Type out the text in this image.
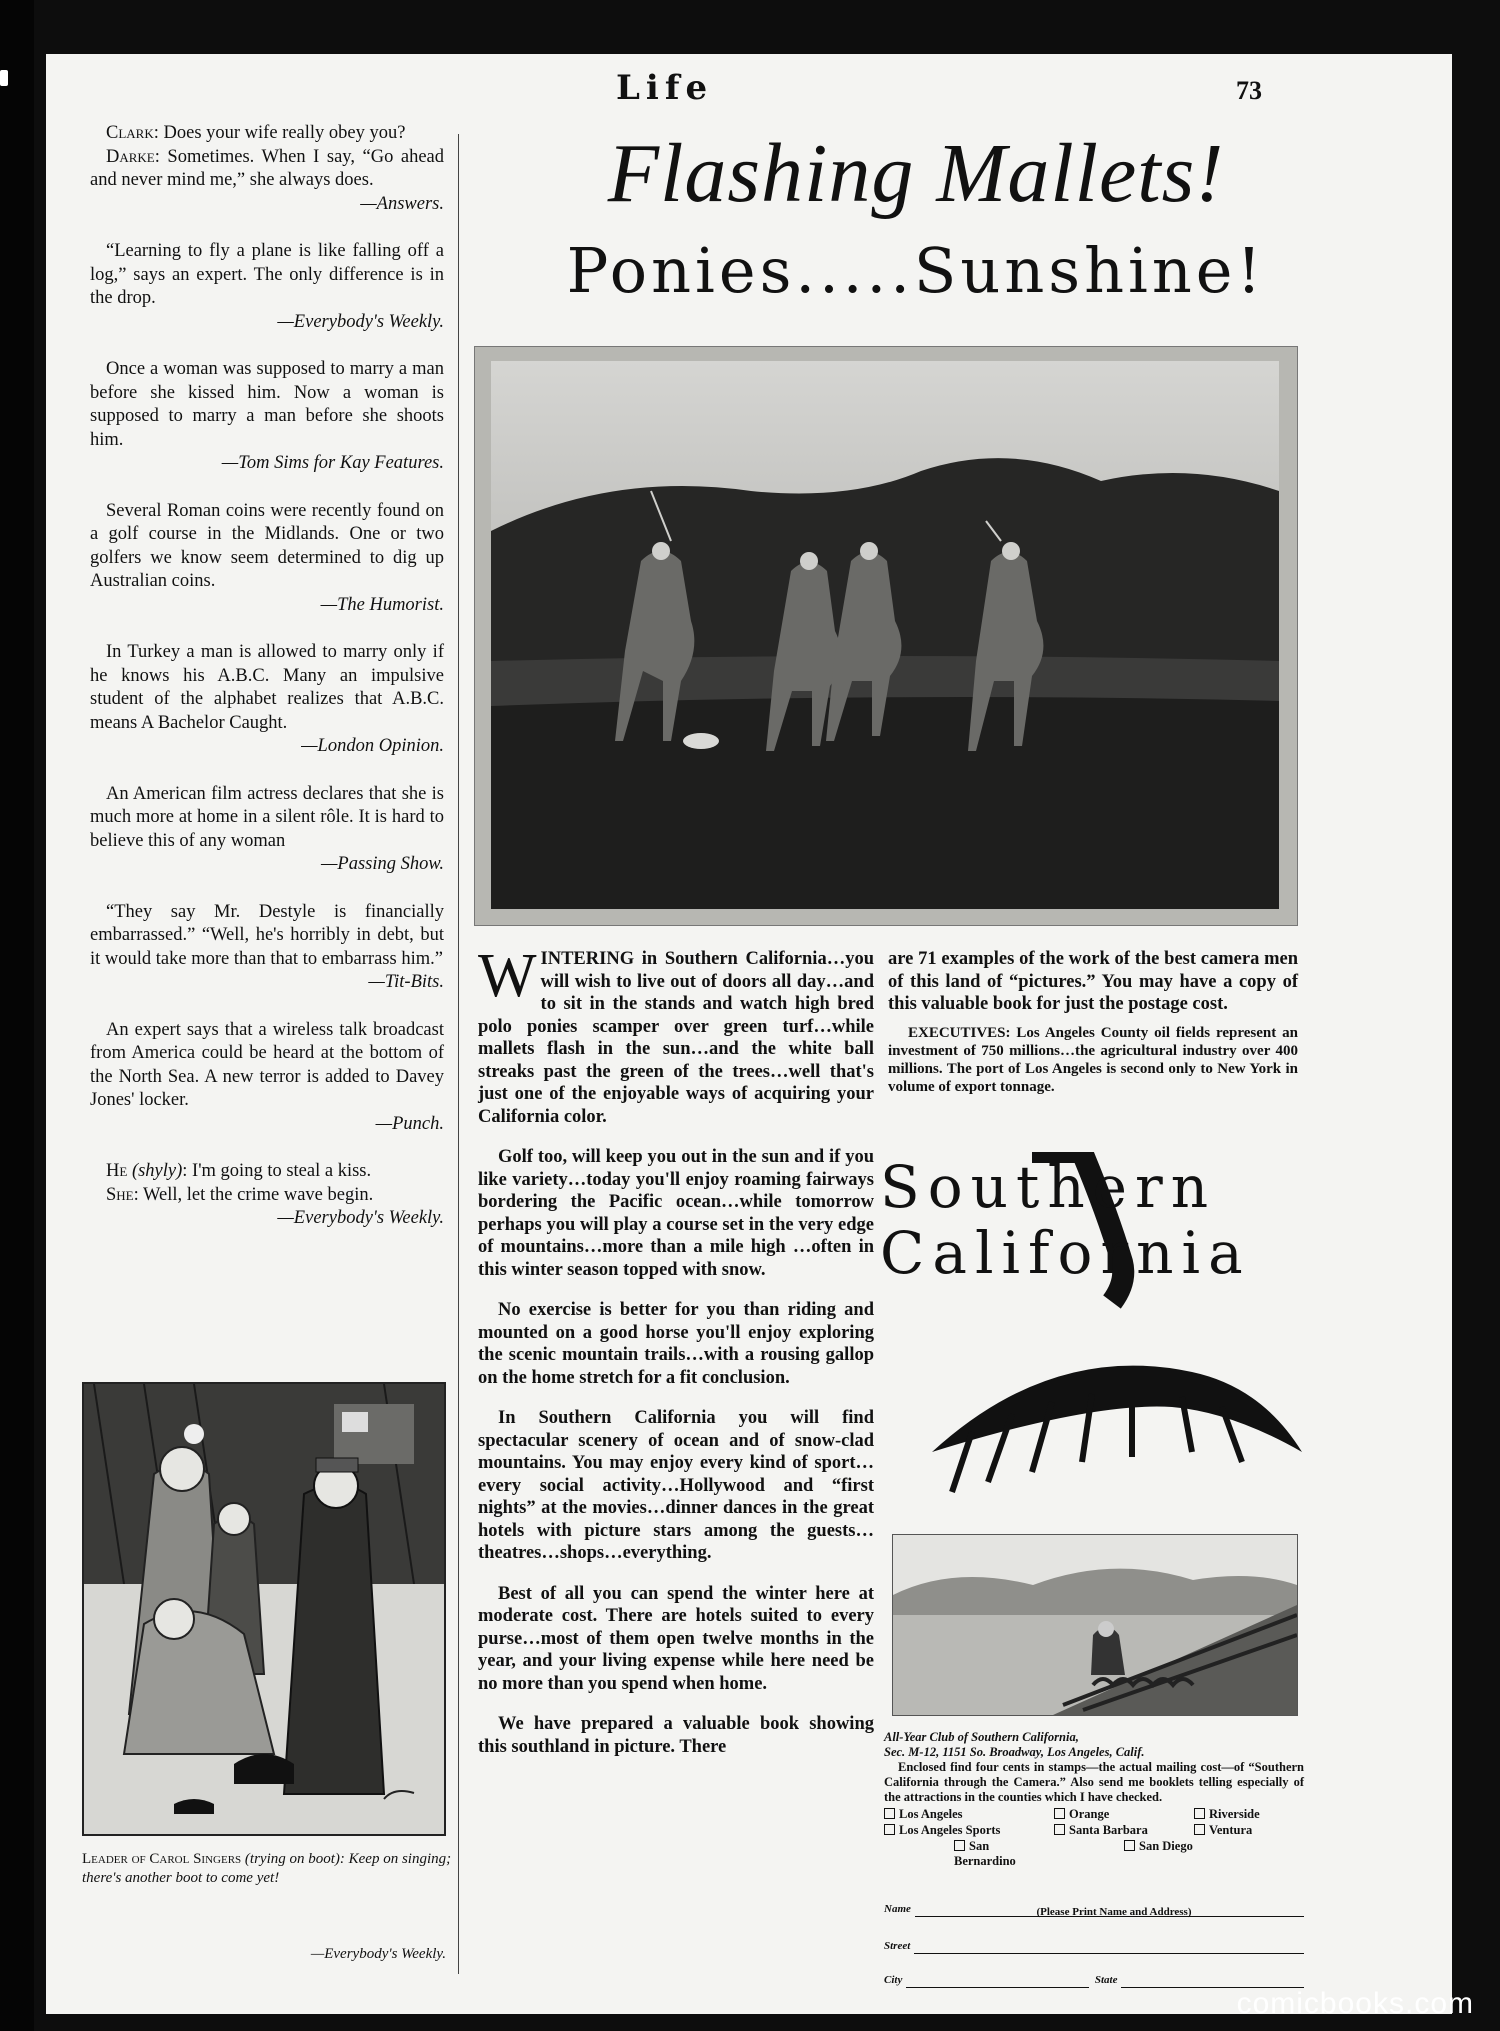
Life	73

Clark: Does your wife really obey you?

Darke: Sometimes. When I say, “Go ahead and never mind me,” she always does.

—Answers.

“Learning to fly a plane is like falling off a log,” says an expert. The only difference is in the drop.

—Everybody's Weekly.

Once a woman was supposed to marry a man before she kissed him. Now a woman is supposed to marry a man before she shoots him.

—Tom Sims for Kay Features.

Several Roman coins were recently found on a golf course in the Midlands. One or two golfers we know seem determined to dig up Australian coins.

—The Humorist.

In Turkey a man is allowed to marry only if he knows his A.B.C. Many an impulsive student of the alphabet realizes that A.B.C. means A Bachelor Caught.

—London Opinion.

An American film actress declares that she is much more at home in a silent rôle. It is hard to believe this of any woman

—Passing Show.

“They say Mr. Destyle is financially embarrassed.” “Well, he's horribly in debt, but it would take more than that to embarrass him.”

—Tit-Bits.

An expert says that a wireless talk broadcast from America could be heard at the bottom of the North Sea. A new terror is added to Davey Jones' locker.

—Punch.

He (shyly): I'm going to steal a kiss.

She: Well, let the crime wave begin.

—Everybody's Weekly.

Leader of Carol Singers (trying on boot): Keep on singing; there's another boot to come yet!
—Everybody's Weekly.
Flashing Mallets!
Ponies.....Sunshine!

WINTERING in Southern California…you will wish to live out of doors all day…and to sit in the stands and watch high bred polo ponies scamper over green turf…while mallets flash in the sun…and the white ball streaks past the green of the trees…well that's just one of the enjoyable ways of acquiring your California color.

Golf too, will keep you out in the sun and if you like variety…today you'll enjoy roaming fairways bordering the Pacific ocean…while tomorrow perhaps you will play a course set in the very edge of mountains…more than a mile high …often in this winter season topped with snow.

No exercise is better for you than riding and mounted on a good horse you'll enjoy exploring the scenic mountain trails…with a rousing gallop on the home stretch for a fit conclusion.

In Southern California you will find spectacular scenery of ocean and of snow-clad mountains. You may enjoy every kind of sport…every social activity…Hollywood and “first nights” at the movies…dinner dances in the great hotels with picture stars among the guests…theatres…shops…everything.

Best of all you can spend the winter here at moderate cost. There are hotels suited to every purse…most of them open twelve months in the year, and your living expense while here need be no more than you spend when home.

We have prepared a valuable book showing this southland in picture. There

are 71 examples of the work of the best camera men of this land of “pictures.” You may have a copy of this valuable book for just the postage cost.

EXECUTIVES: Los Angeles County oil fields represent an investment of 750 millions…the agricultural industry over 400 millions. The port of Los Angeles is second only to New York in volume of export tonnage.

Southern
California

All-Year Club of Southern California,

Sec. M-12, 1151 So. Broadway, Los Angeles, Calif.

Enclosed find four cents in stamps—the actual mailing cost—of “Southern California through the Camera.” Also send me booklets telling especially of the attractions in the counties which I have checked.

Los Angeles	Orange	Riverside
Los Angeles Sports	Santa Barbara	Ventura
San Bernardino
San Diego
Name	(Please Print Name and Address)
Street
City	State
comicbooks.com
